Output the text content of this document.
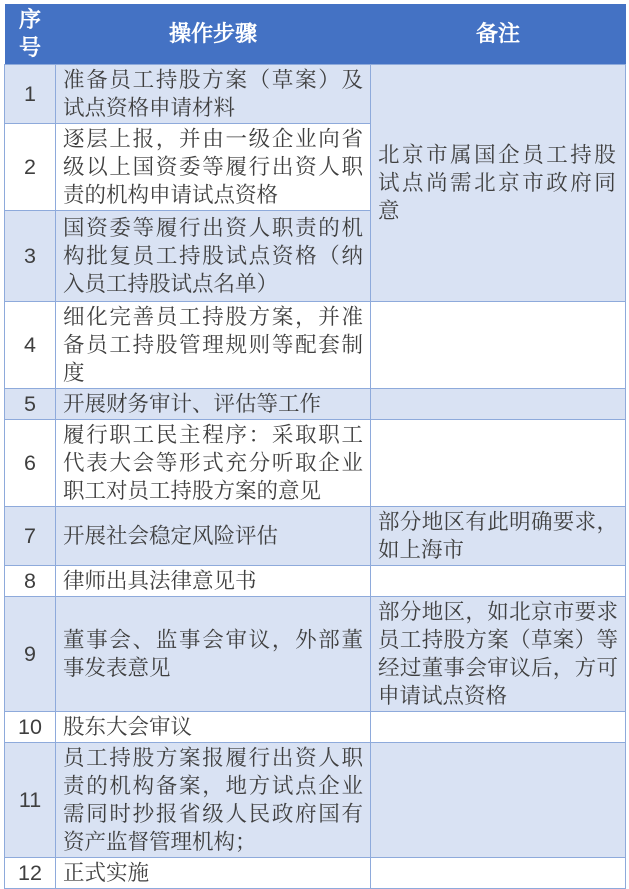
序号	操作步骤	备注
1	准备员工持股方案（草案）及试点资格申请材料	北京市属国企员工持股试点尚需北京市政府同意
2	逐层上报，并由一级企业向省级以上国资委等履行出资人职责的机构申请试点资格	
3	国资委等履行出资人职责的机构批复员工持股试点资格（纳入员工持股试点名单）	
4	细化完善员工持股方案，并准备员工持股管理规则等配套制度	
5	开展财务审计、评估等工作	
6	履行职工民主程序：采取职工代表大会等形式充分听取企业职工对员工持股方案的意见	
7	开展社会稳定风险评估	部分地区有此明确要求，如上海市
8	律师出具法律意见书	
9	董事会、监事会审议，外部董事发表意见	部分地区，如北京市要求员工持股方案（草案）等经过董事会审议后，方可申请试点资格
10	股东大会审议	
11	员工持股方案报履行出资人职责的机构备案，地方试点企业需同时抄报省级人民政府国有资产监督管理机构；	
12	正式实施	
